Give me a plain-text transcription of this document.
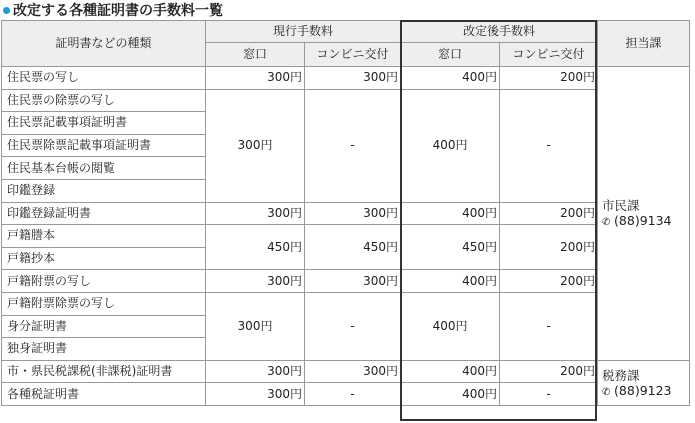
改定する各種証明書の手数料一覧
証明書などの種類	現行手数料		改定後手数料		担当課
	窓口	コンビニ交付	窓口	コンビニ交付	
住民票の写し	300円	300円	400円	200円	市民課
✆ (88)9134

住民票の除票の写し	300円	-	400円	-	
住民票記載事項証明書					
住民票除票記載事項証明書					
住民基本台帳の閲覧					
印鑑登録					
印鑑登録証明書	300円	300円	400円	200円	
戸籍謄本	450円	450円	450円	200円	
戸籍抄本					
戸籍附票の写し	300円	300円	400円	200円	
戸籍附票除票の写し	300円	-	400円	-	
身分証明書					
独身証明書					
市・県民税課税(非課税)証明書	300円	300円	400円	200円	税務課
✆ (88)9123

各種税証明書	300円	-	400円	-	
